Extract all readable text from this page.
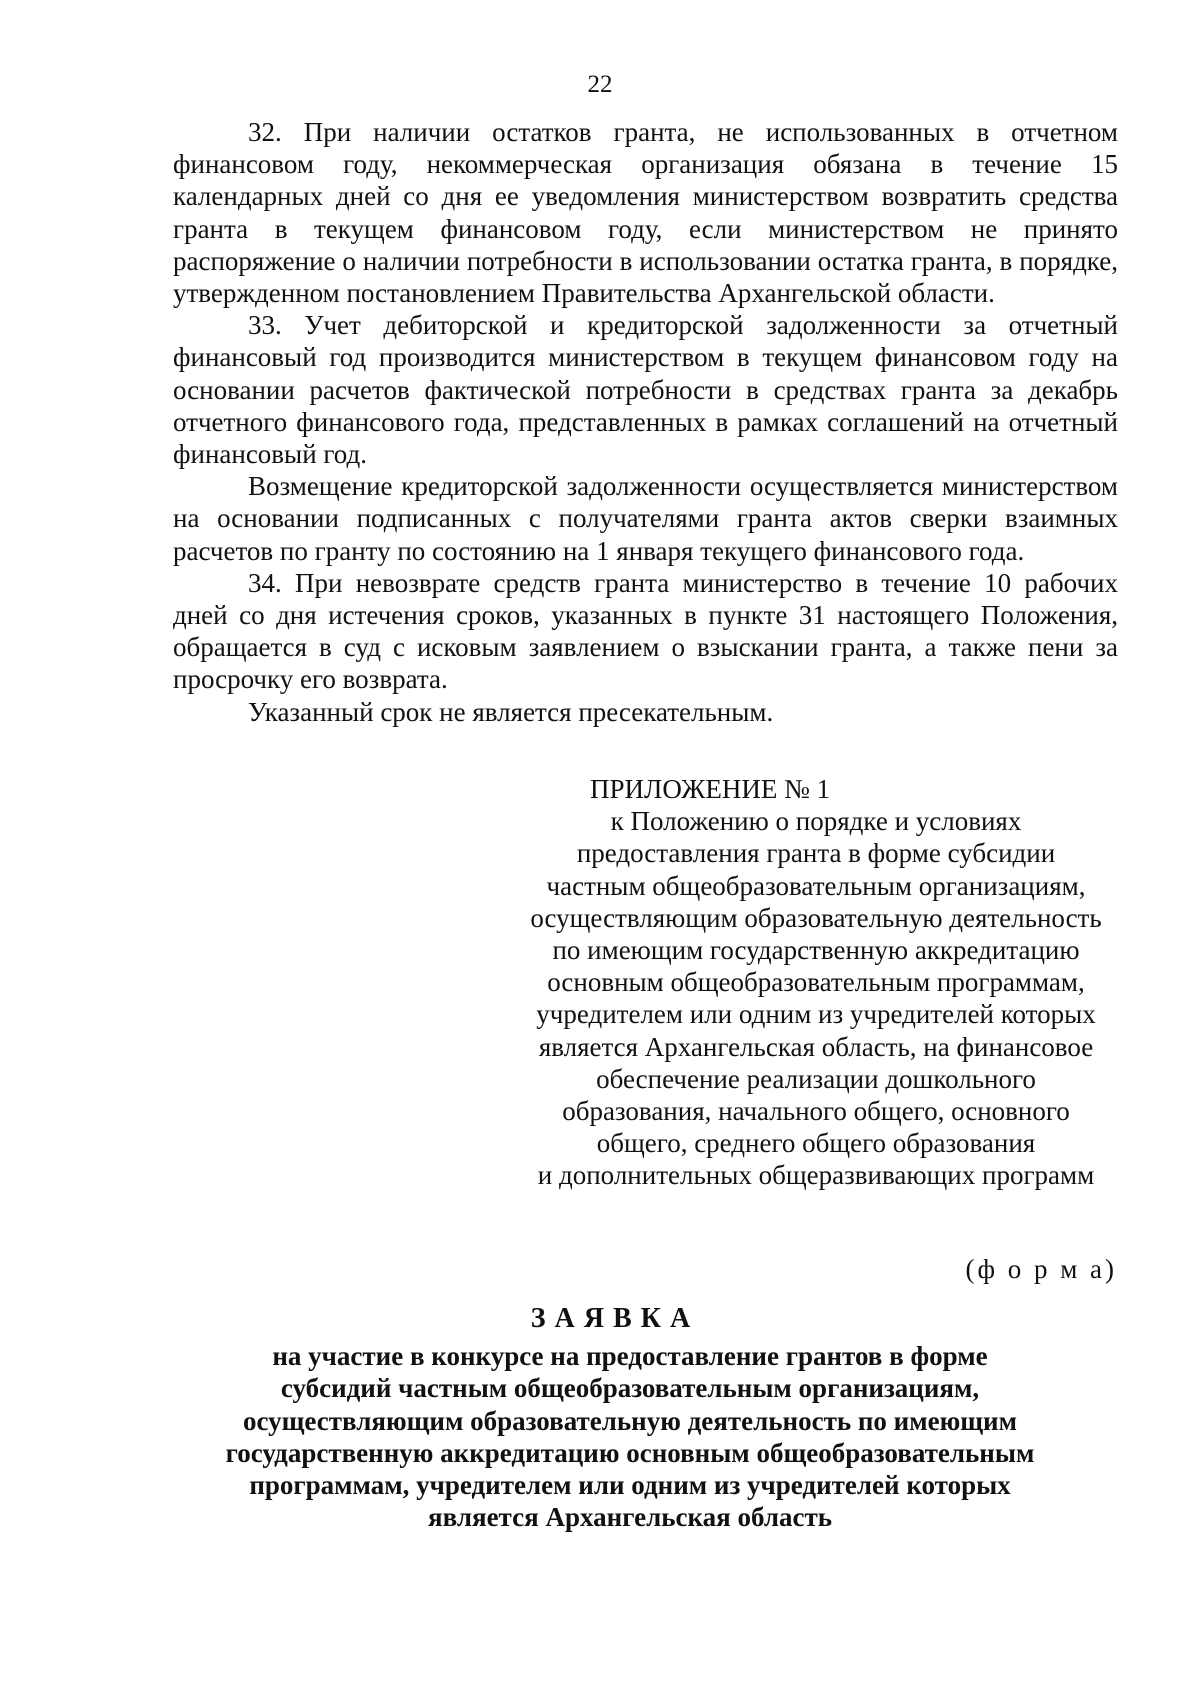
22

32. При наличии остатков гранта, не использованных в отчетном финансовом году, некоммерческая организация обязана в течение 15 календарных дней со дня ее уведомления министерством возвратить средства гранта в текущем финансовом году, если министерством не принято распоряжение о наличии потребности в использовании остатка гранта, в порядке, утвержденном постановлением Правительства Архангельской области.

33. Учет дебиторской и кредиторской задолженности за отчетный финансовый год производится министерством в текущем финансовом году на основании расчетов фактической потребности в средствах гранта за декабрь отчетного финансового года, представленных в рамках соглашений на отчетный финансовый год.

Возмещение кредиторской задолженности осуществляется министерством на основании подписанных с получателями гранта актов сверки взаимных расчетов по гранту по состоянию на 1 января текущего финансового года.

34. При невозврате средств гранта министерство в течение 10 рабочих дней со дня истечения сроков, указанных в пункте 31 настоящего Положения, обращается в суд с исковым заявлением о взыскании гранта, а также пени за просрочку его возврата.

Указанный срок не является пресекательным.

ПРИЛОЖЕНИЕ № 1

к Положению о порядке и условиях

предоставления гранта в форме субсидии

частным общеобразовательным организациям,

осуществляющим образовательную деятельность

по имеющим государственную аккредитацию

основным общеобразовательным программам,

учредителем или одним из учредителей которых

является Архангельская область, на финансовое

обеспечение реализации дошкольного

образования, начального общего, основного

общего, среднего общего образования

и дополнительных общеразвивающих программ

(ф о р м а)
ЗАЯВКА

на участие в конкурсе на предоставление грантов в форме

субсидий частным общеобразовательным организациям,

осуществляющим образовательную деятельность по имеющим

государственную аккредитацию основным общеобразовательным

программам, учредителем или одним из учредителей которых

является Архангельская область
